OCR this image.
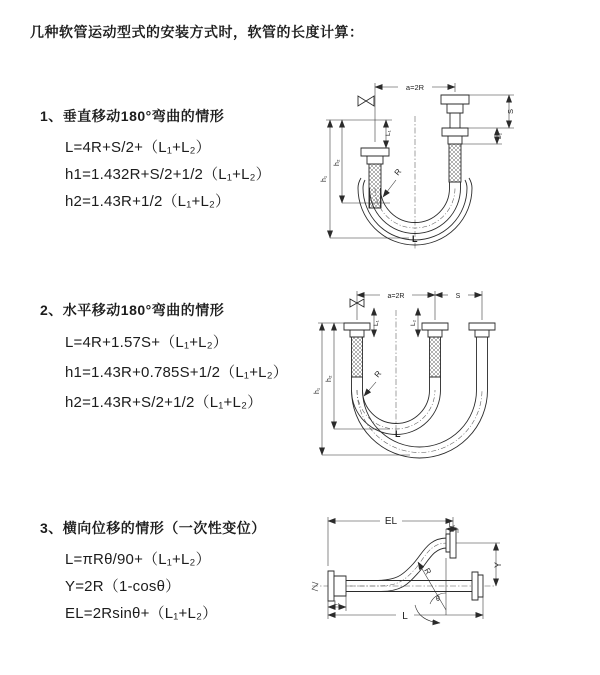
几种软管运动型式的安装方式时，软管的长度计算：
1、垂直移动180°弯曲的情形
L=4R+S/2+（L₁+L₂）
h1=1.432R+S/2+1/2（L₁+L₂）
h2=1.43R+1/2（L₁+L₂）
a=2R
R
L
h₁
h₂
L₁
S
L₂
2、水平移动180°弯曲的情形
L=4R+1.57S+（L₁+L₂）
h1=1.43R+0.785S+1/2（L₁+L₂）
h2=1.43R+S/2+1/2（L₁+L₂）
a=2R	S
R
h₁
h₂
L
L₁	L₂
3、横向位移的情形（一次性变位）
L=πRθ/90+（L₁+L₂）
Y=2R（1-cosθ）
EL=2Rsinθ+（L₁+L₂）
EL	L₂
Y
R
θ
L
L₁
